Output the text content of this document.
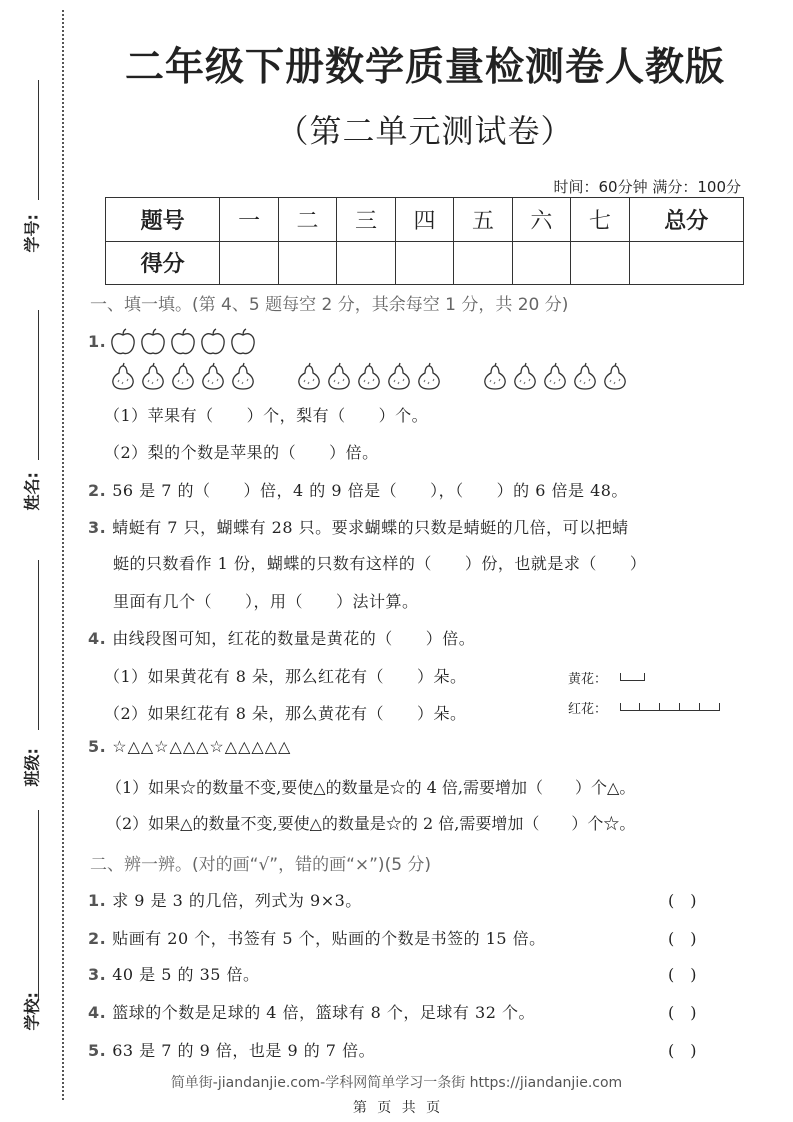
学号:
姓名:
班级:
学校:
二年级下册数学质量检测卷人教版
（第二单元测试卷）
时间：60分钟 满分：100分
题号	一	二	三	四	五	六	七	总分
得分								
一、填一填。(第 4、5 题每空 2 分，其余每空 1 分，共 20 分)
1.
（1）苹果有（　　）个，梨有（　　）个。
（2）梨的个数是苹果的（　　）倍。
2. 56 是 7 的（　　）倍，4 的 9 倍是（　　），（　　）的 6 倍是 48。
3. 蜻蜓有 7 只，蝴蝶有 28 只。要求蝴蝶的只数是蜻蜓的几倍，可以把蜻
蜓的只数看作 1 份，蝴蝶的只数有这样的（　　）份，也就是求（　　）
里面有几个（　　），用（　　）法计算。
4. 由线段图可知，红花的数量是黄花的（　　）倍。
（1）如果黄花有 8 朵，那么红花有（　　）朵。
（2）如果红花有 8 朵，那么黄花有（　　）朵。
黄花：
红花：
5. ☆△△☆△△△☆△△△△△
（1）如果☆的数量不变,要使△的数量是☆的 4 倍,需要增加（　　）个△。
（2）如果△的数量不变,要使△的数量是☆的 2 倍,需要增加（　　）个☆。
二、辨一辨。(对的画“√”，错的画“×”)(5 分)
1. 求 9 是 3 的几倍，列式为 9×3。	(　)
2. 贴画有 20 个，书签有 5 个，贴画的个数是书签的 15 倍。	(　)
3. 40 是 5 的 35 倍。	(　)
4. 篮球的个数是足球的 4 倍，篮球有 8 个，足球有 32 个。	(　)
5. 63 是 7 的 9 倍，也是 9 的 7 倍。	(　)
简单街-jiandanjie.com-学科网简单学习一条街 https://jiandanjie.com
第 页 共 页
